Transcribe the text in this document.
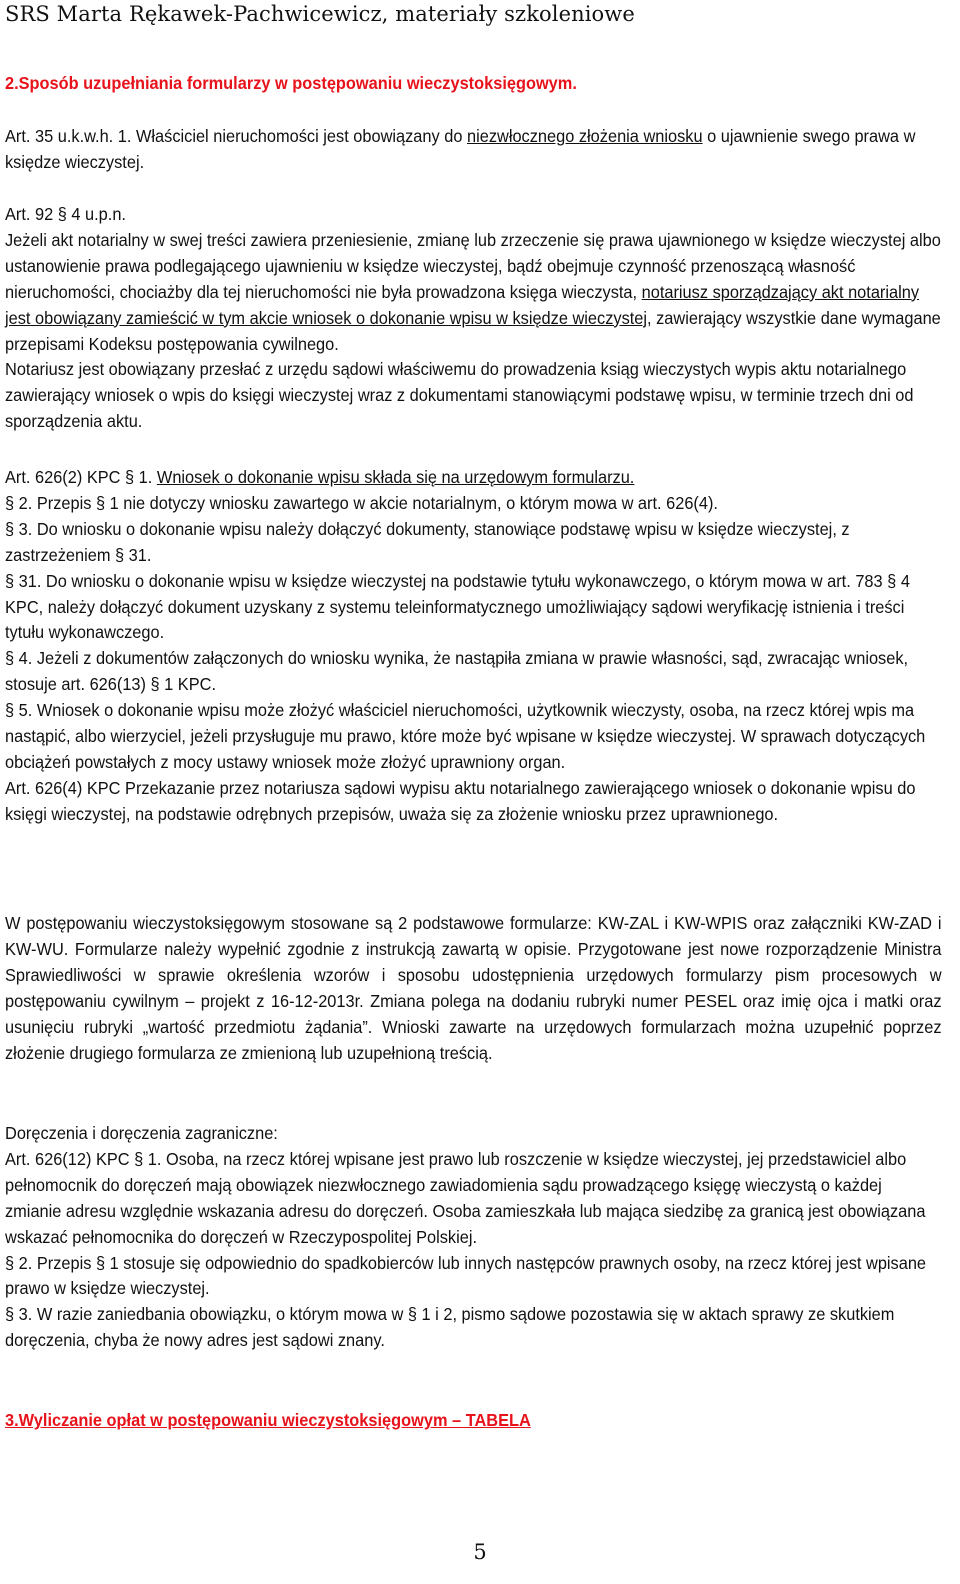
SRS Marta Rękawek-Pachwicewicz, materiały szkoleniowe

2.Sposób uzupełniania formularzy w postępowaniu wieczystoksięgowym.

Art. 35 u.k.w.h. 1. Właściciel nieruchomości jest obowiązany do niezwłocznego złożenia wniosku o ujawnienie swego prawa w księdze wieczystej.

Art. 92 § 4 u.p.n.

Jeżeli akt notarialny w swej treści zawiera przeniesienie, zmianę lub zrzeczenie się prawa ujawnionego w księdze wieczystej albo ustanowienie prawa podlegającego ujawnieniu w księdze wieczystej, bądź obejmuje czynność przenoszącą własność nieruchomości, chociażby dla tej nieruchomości nie była prowadzona księga wieczysta, notariusz sporządzający akt notarialny jest obowiązany zamieścić w tym akcie wniosek o dokonanie wpisu w księdze wieczystej, zawierający wszystkie dane wymagane przepisami Kodeksu postępowania cywilnego.

Notariusz jest obowiązany przesłać z urzędu sądowi właściwemu do prowadzenia ksiąg wieczystych wypis aktu notarialnego zawierający wniosek o wpis do księgi wieczystej wraz z dokumentami stanowiącymi podstawę wpisu, w terminie trzech dni od sporządzenia aktu.

Art. 626(2) KPC § 1. Wniosek o dokonanie wpisu składa się na urzędowym formularzu.

§ 2. Przepis § 1 nie dotyczy wniosku zawartego w akcie notarialnym, o którym mowa w art. 626(4).

§ 3. Do wniosku o dokonanie wpisu należy dołączyć dokumenty, stanowiące podstawę wpisu w księdze wieczystej, z zastrzeżeniem § 31.

§ 31. Do wniosku o dokonanie wpisu w księdze wieczystej na podstawie tytułu wykonawczego, o którym mowa w art. 783 § 4 KPC, należy dołączyć dokument uzyskany z systemu teleinformatycznego umożliwiający sądowi weryfikację istnienia i treści tytułu wykonawczego.

§ 4. Jeżeli z dokumentów załączonych do wniosku wynika, że nastąpiła zmiana w prawie własności, sąd, zwracając wniosek, stosuje art. 626(13) § 1 KPC.

§ 5. Wniosek o dokonanie wpisu może złożyć właściciel nieruchomości, użytkownik wieczysty, osoba, na rzecz której wpis ma nastąpić, albo wierzyciel, jeżeli przysługuje mu prawo, które może być wpisane w księdze wieczystej. W sprawach dotyczących obciążeń powstałych z mocy ustawy wniosek może złożyć uprawniony organ.

Art. 626(4) KPC Przekazanie przez notariusza sądowi wypisu aktu notarialnego zawierającego wniosek o dokonanie wpisu do księgi wieczystej, na podstawie odrębnych przepisów, uważa się za złożenie wniosku przez uprawnionego.

W postępowaniu wieczystoksięgowym stosowane są 2 podstawowe formularze: KW-ZAL i KW-WPIS oraz załączniki KW-ZAD i KW-WU. Formularze należy wypełnić zgodnie z instrukcją zawartą w opisie. Przygotowane jest nowe rozporządzenie Ministra Sprawiedliwości w sprawie określenia wzorów i sposobu udostępnienia urzędowych formularzy pism procesowych w postępowaniu cywilnym – projekt z 16-12-2013r. Zmiana polega na dodaniu rubryki numer PESEL oraz imię ojca i matki oraz usunięciu rubryki „wartość przedmiotu żądania”. Wnioski zawarte na urzędowych formularzach można uzupełnić poprzez złożenie drugiego formularza ze zmienioną lub uzupełnioną treścią.

Doręczenia i doręczenia zagraniczne:

Art. 626(12) KPC § 1. Osoba, na rzecz której wpisane jest prawo lub roszczenie w księdze wieczystej, jej przedstawiciel albo pełnomocnik do doręczeń mają obowiązek niezwłocznego zawiadomienia sądu prowadzącego księgę wieczystą o każdej zmianie adresu względnie wskazania adresu do doręczeń. Osoba zamieszkała lub mająca siedzibę za granicą jest obowiązana wskazać pełnomocnika do doręczeń w Rzeczypospolitej Polskiej.

§ 2. Przepis § 1 stosuje się odpowiednio do spadkobierców lub innych następców prawnych osoby, na rzecz której jest wpisane prawo w księdze wieczystej.

§ 3. W razie zaniedbania obowiązku, o którym mowa w § 1 i 2, pismo sądowe pozostawia się w aktach sprawy ze skutkiem doręczenia, chyba że nowy adres jest sądowi znany.

3.Wyliczanie opłat w postępowaniu wieczystoksięgowym – TABELA

5
